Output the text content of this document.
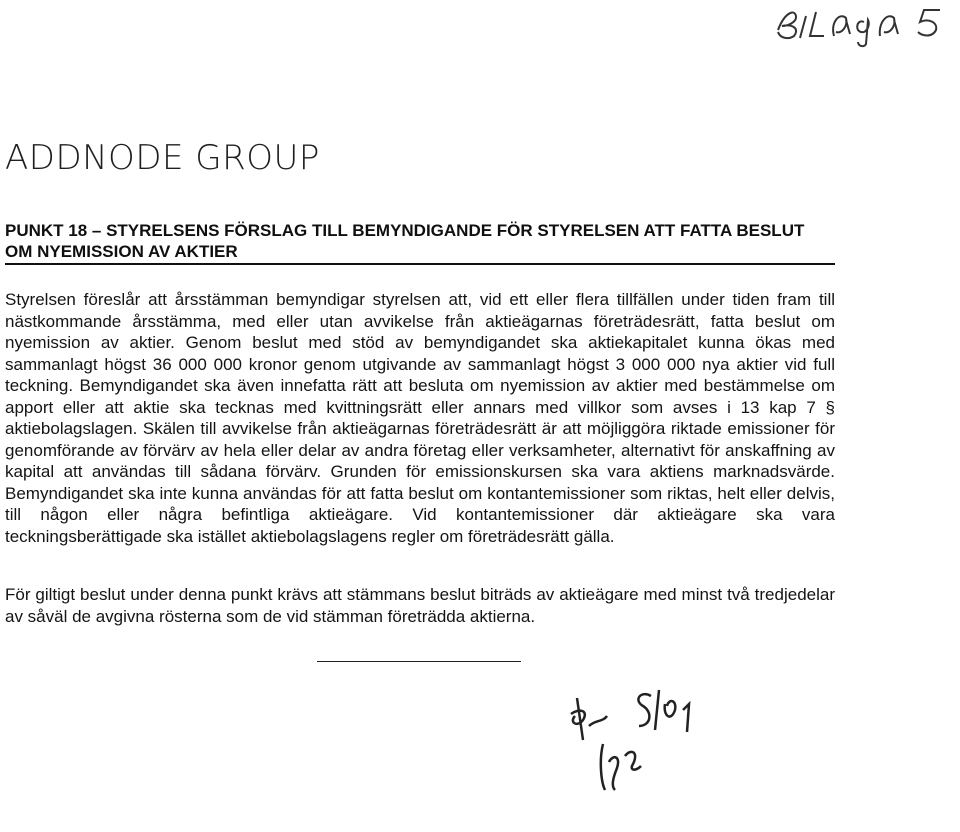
ADDNODE GROUP
PUNKT 18 – STYRELSENS FÖRSLAG TILL BEMYNDIGANDE FÖR STYRELSEN ATT FATTA BESLUT OM NYEMISSION AV AKTIER

Styrelsen föreslår att årsstämman bemyndigar styrelsen att, vid ett eller flera tillfällen under tiden fram till nästkommande årsstämma, med eller utan avvikelse från aktieägarnas företrädesrätt, fatta beslut om nyemission av aktier. Genom beslut med stöd av bemyndigandet ska aktiekapitalet kunna ökas med sammanlagt högst 36 000 000 kronor genom utgivande av sammanlagt högst 3 000 000 nya aktier vid full teckning. Bemyndigandet ska även innefatta rätt att besluta om nyemission av aktier med bestämmelse om apport eller att aktie ska tecknas med kvittningsrätt eller annars med villkor som avses i 13 kap 7 § aktiebolagslagen. Skälen till avvikelse från aktieägarnas företrädesrätt är att möjliggöra riktade emissioner för genomförande av förvärv av hela eller delar av andra företag eller verksamheter, alternativt för anskaffning av kapital att användas till sådana förvärv. Grunden för emissionskursen ska vara aktiens marknadsvärde. Bemyndigandet ska inte kunna användas för att fatta beslut om kontantemissioner som riktas, helt eller delvis, till någon eller några befintliga aktieägare. Vid kontantemissioner där aktieägare ska vara teckningsberättigade ska istället aktiebolagslagens regler om företrädesrätt gälla.

För giltigt beslut under denna punkt krävs att stämmans beslut biträds av aktieägare med minst två tredjedelar av såväl de avgivna rösterna som de vid stämman företrädda aktierna.
